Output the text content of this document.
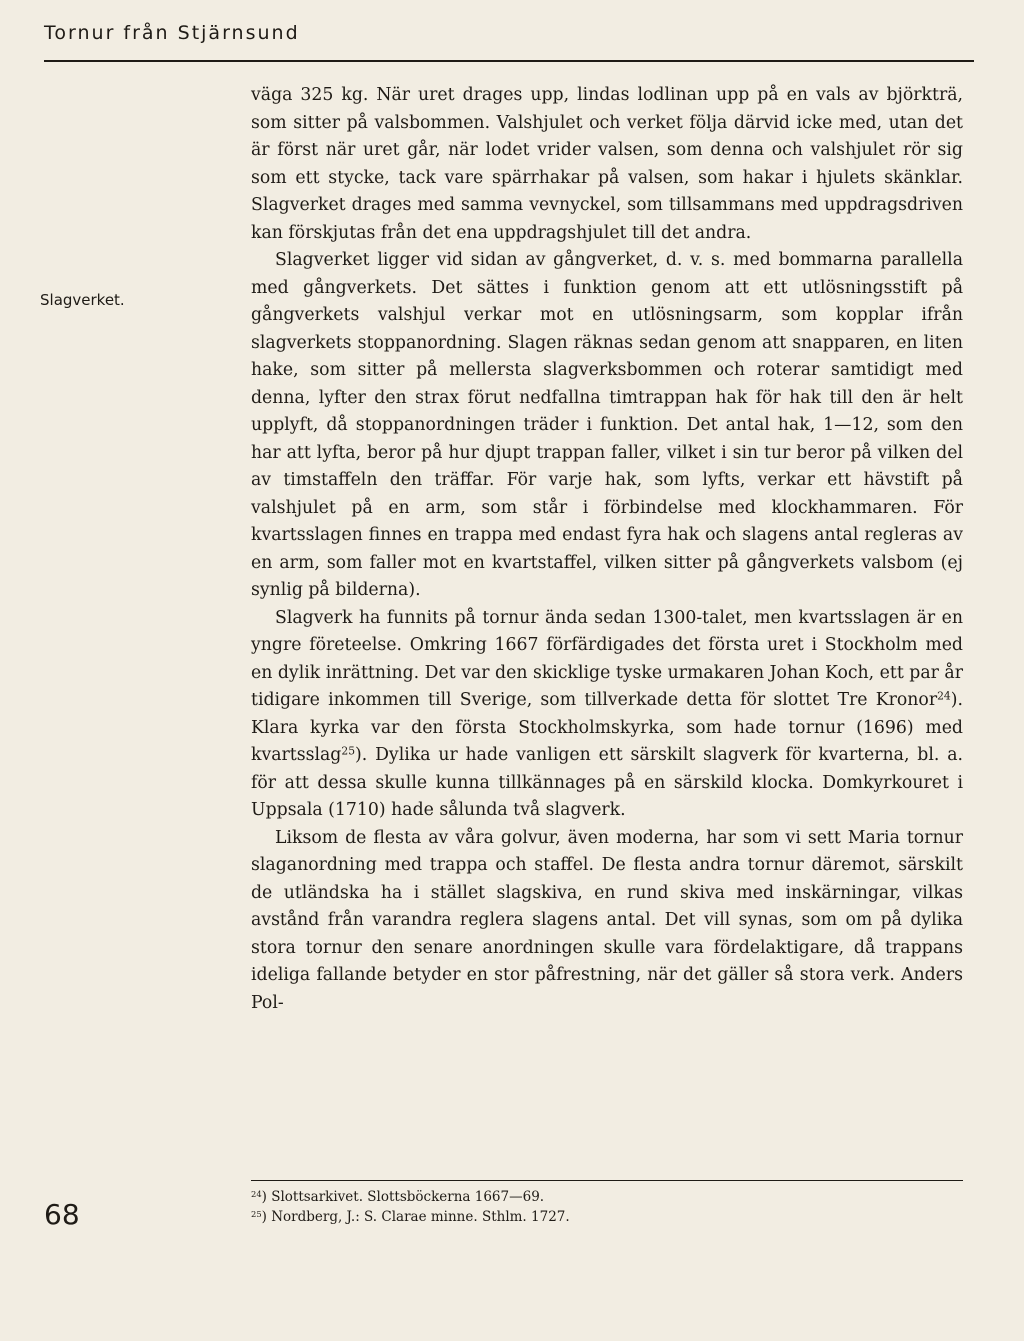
Tornur från Stjärnsund
Slagverket.

väga 325 kg. När uret drages upp, lindas lodlinan upp på en vals av björkträ, som sitter på valsbommen. Valshjulet och verket följa därvid icke med, utan det är först när uret går, när lodet vrider valsen, som denna och valshjulet rör sig som ett stycke, tack vare spärrhakar på valsen, som hakar i hjulets skänklar. Slagverket drages med samma vevnyckel, som tillsammans med uppdragsdriven kan förskjutas från det ena uppdragshjulet till det andra.

Slagverket ligger vid sidan av gångverket, d. v. s. med bommarna parallella med gångverkets. Det sättes i funktion genom att ett utlösningsstift på gångverkets valshjul verkar mot en utlösningsarm, som kopplar ifrån slagverkets stoppanordning. Slagen räknas sedan genom att snapparen, en liten hake, som sitter på mellersta slagverksbommen och roterar samtidigt med denna, lyfter den strax förut nedfallna timtrappan hak för hak till den är helt upplyft, då stoppanordningen träder i funktion. Det antal hak, 1—12, som den har att lyfta, beror på hur djupt trappan faller, vilket i sin tur beror på vilken del av timstaffeln den träffar. För varje hak, som lyfts, verkar ett hävstift på valshjulet på en arm, som står i förbindelse med klockhammaren. För kvartsslagen finnes en trappa med endast fyra hak och slagens antal regleras av en arm, som faller mot en kvartstaffel, vilken sitter på gångverkets valsbom (ej synlig på bilderna).

Slagverk ha funnits på tornur ända sedan 1300-talet, men kvartsslagen är en yngre företeelse. Omkring 1667 förfärdigades det första uret i Stockholm med en dylik inrättning. Det var den skicklige tyske urmakaren Johan Koch, ett par år tidigare inkommen till Sverige, som tillverkade detta för slottet Tre Kronor$^{24}$). Klara kyrka var den första Stockholmskyrka, som hade tornur (1696) med kvartsslag$^{25}$). Dylika ur hade vanligen ett särskilt slagverk för kvarterna, bl. a. för att dessa skulle kunna tillkännages på en särskild klocka. Domkyrkouret i Uppsala (1710) hade sålunda två slagverk.

Liksom de flesta av våra golvur, även moderna, har som vi sett Maria tornur slaganordning med trappa och staffel. De flesta andra tornur däremot, särskilt de utländska ha i stället slagskiva, en rund skiva med inskärningar, vilkas avstånd från varandra reglera slagens antal. Det vill synas, som om på dylika stora tornur den senare anordningen skulle vara fördelaktigare, då trappans ideliga fallande betyder en stor påfrestning, när det gäller så stora verk. Anders Pol-

$^{24}$) Slottsarkivet. Slottsböckerna 1667—69.
$^{25}$) Nordberg, J.: S. Clarae minne. Sthlm. 1727.
68
